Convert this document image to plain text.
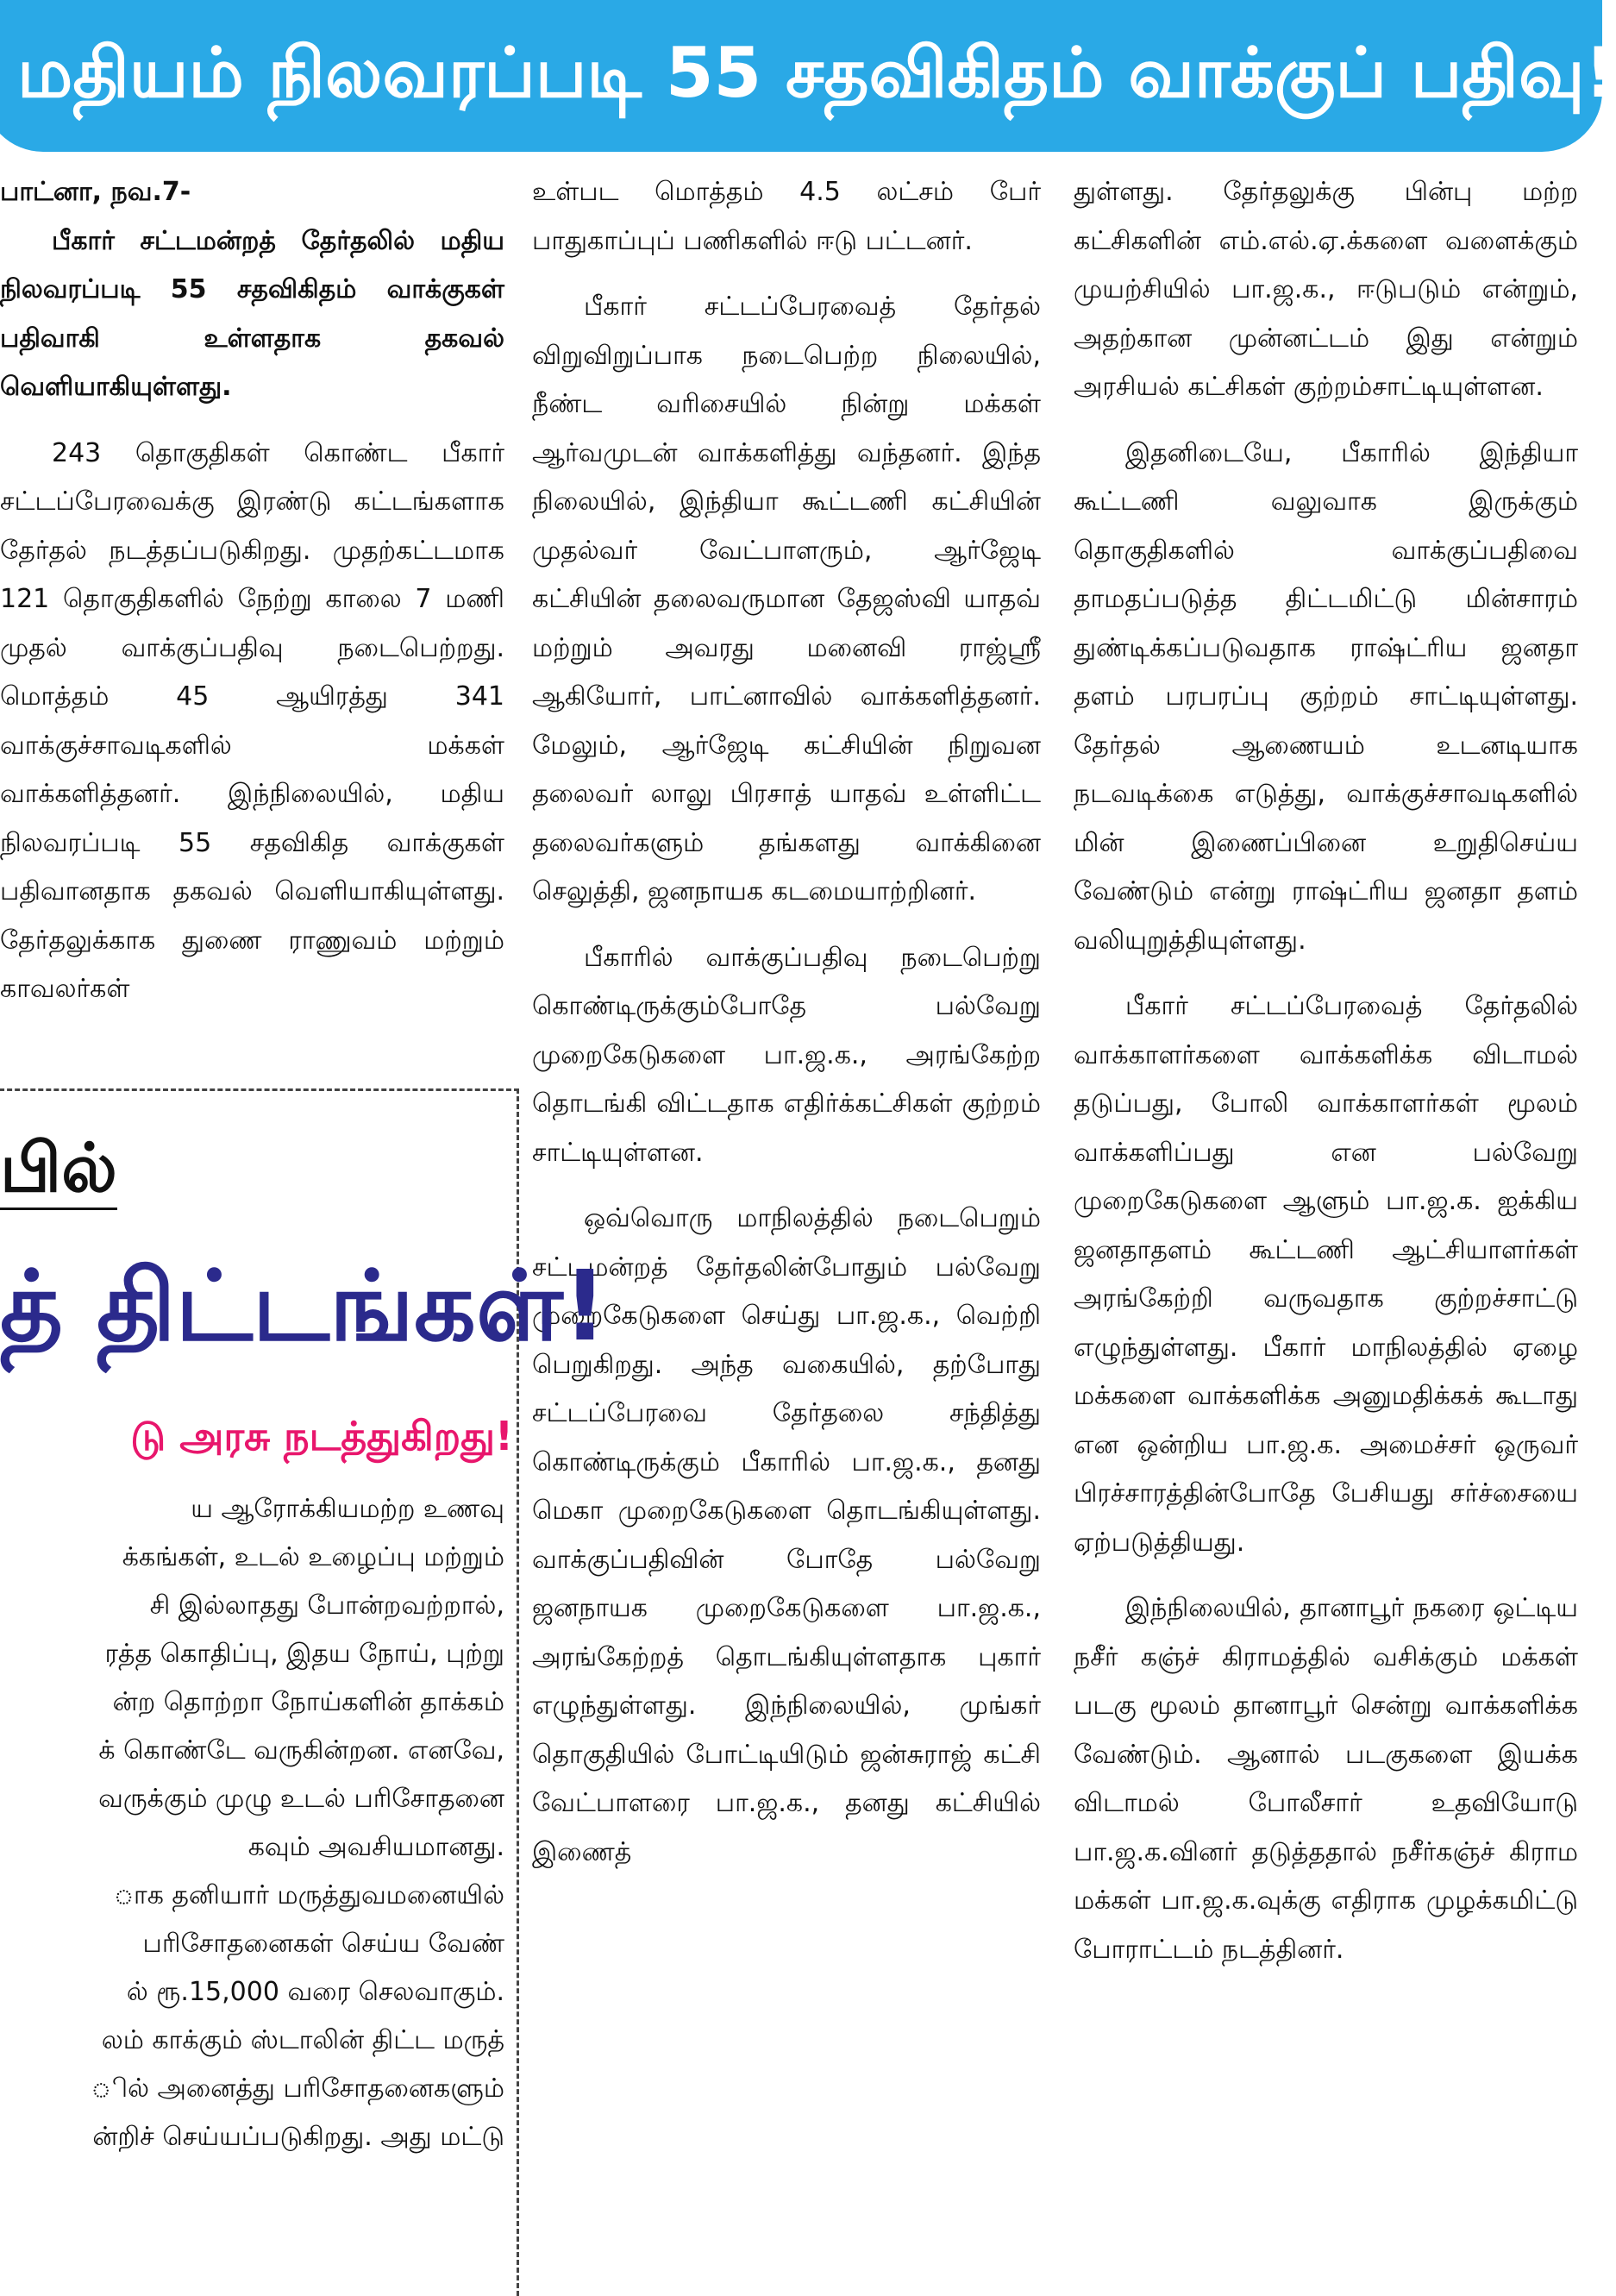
மதியம் நிலவரப்படி 55 சதவிகிதம் வாக்குப் பதிவு!

பாட்னா, நவ.7-

பீகார் சட்டமன்றத் தேர்தலில் மதிய நிலவரப்படி 55 சதவிகிதம் வாக்குகள் பதிவாகி உள்ளதாக தகவல் வெளியாகியுள்ளது.

243 தொகுதிகள் கொண்ட பீகார் சட்டப்பேரவைக்கு இரண்டு கட்டங்களாக தேர்தல் நடத்தப்படுகிறது. முதற்கட்டமாக 121 தொகுதிகளில் நேற்று காலை 7 மணி முதல் வாக்குப்பதிவு நடைபெற்றது. மொத்தம் 45 ஆயிரத்து 341 வாக்குச்சாவடிகளில் மக்கள் வாக்களித்தனர். இந்நிலையில், மதிய நிலவரப்படி 55 சதவிகித வாக்குகள் பதிவானதாக தகவல் வெளியாகியுள்ளது. தேர்தலுக்காக துணை ராணுவம் மற்றும் காவலர்கள்

உள்பட மொத்தம் 4.5 லட்சம் பேர் பாதுகாப்புப் பணிகளில் ஈடு பட்டனர்.

பீகார் சட்டப்பேரவைத் தேர்தல் விறுவிறுப்பாக நடைபெற்ற நிலையில், நீண்ட வரிசையில் நின்று மக்கள் ஆர்வமுடன் வாக்களித்து வந்தனர். இந்த நிலையில், இந்தியா கூட்டணி கட்சியின் முதல்வர் வேட்பாளரும், ஆர்ஜேடி கட்சியின் தலைவருமான தேஜஸ்வி யாதவ் மற்றும் அவரது மனைவி ராஜ்ஸ்ரீ ஆகியோர், பாட்னாவில் வாக்களித்தனர். மேலும், ஆர்ஜேடி கட்சியின் நிறுவன தலைவர் லாலு பிரசாத் யாதவ் உள்ளிட்ட தலைவர்களும் தங்களது வாக்கினை செலுத்தி, ஜனநாயக கடமையாற்றினர்.

பீகாரில் வாக்குப்பதிவு நடைபெற்று கொண்டிருக்கும்போதே பல்வேறு முறைகேடுகளை பா.ஜ.க., அரங்கேற்ற தொடங்கி விட்டதாக எதிர்க்கட்சிகள் குற்றம் சாட்டியுள்ளன.

ஒவ்வொரு மாநிலத்தில் நடைபெறும் சட்டமன்றத் தேர்தலின்போதும் பல்வேறு முறைகேடுகளை செய்து பா.ஜ.க., வெற்றி பெறுகிறது. அந்த வகையில், தற்போது சட்டப்பேரவை தேர்தலை சந்தித்து கொண்டிருக்கும் பீகாரில் பா.ஜ.க., தனது மெகா முறைகேடுகளை தொடங்கியுள்ளது. வாக்குப்பதிவின் போதே பல்வேறு ஜனநாயக முறைகேடுகளை பா.ஜ.க., அரங்கேற்றத் தொடங்கியுள்ளதாக புகார் எழுந்துள்ளது. இந்நிலையில், முங்கர் தொகுதியில் போட்டியிடும் ஜன்சுராஜ் கட்சி வேட்பாளரை பா.ஜ.க., தனது கட்சியில் இணைத்

துள்ளது. தேர்தலுக்கு பின்பு மற்ற கட்சிகளின் எம்.எல்.ஏ.க்களை வளைக்கும் முயற்சியில் பா.ஜ.க., ஈடுபடும் என்றும், அதற்கான முன்னட்டம் இது என்றும் அரசியல் கட்சிகள் குற்றம்சாட்டியுள்ளன.

இதனிடையே, பீகாரில் இந்தியா கூட்டணி வலுவாக இருக்கும் தொகுதிகளில் வாக்குப்பதிவை தாமதப்படுத்த திட்டமிட்டு மின்சாரம் துண்டிக்கப்படுவதாக ராஷ்ட்ரிய ஜனதா தளம் பரபரப்பு குற்றம் சாட்டியுள்ளது. தேர்தல் ஆணையம் உடனடியாக நடவடிக்கை எடுத்து, வாக்குச்சாவடிகளில் மின் இணைப்பினை உறுதிசெய்ய வேண்டும் என்று ராஷ்ட்ரிய ஜனதா தளம் வலியுறுத்தியுள்ளது.

பீகார் சட்டப்பேரவைத் தேர்தலில் வாக்காளர்களை வாக்களிக்க விடாமல் தடுப்பது, போலி வாக்காளர்கள் மூலம் வாக்களிப்பது என பல்வேறு முறைகேடுகளை ஆளும் பா.ஜ.க. ஐக்கிய ஜனதாதளம் கூட்டணி ஆட்சியாளர்கள் அரங்கேற்றி வருவதாக குற்றச்சாட்டு எழுந்துள்ளது. பீகார் மாநிலத்தில் ஏழை மக்களை வாக்களிக்க அனுமதிக்கக் கூடாது என ஒன்றிய பா.ஜ.க. அமைச்சர் ஒருவர் பிரச்சாரத்தின்போதே பேசியது சர்ச்சையை ஏற்படுத்தியது.

இந்நிலையில், தானாபூர் நகரை ஒட்டிய நசீர் கஞ்ச் கிராமத்தில் வசிக்கும் மக்கள் படகு மூலம் தானாபூர் சென்று வாக்களிக்க வேண்டும். ஆனால் படகுகளை இயக்க விடாமல் போலீசார் உதவியோடு பா.ஜ.க.வினர் தடுத்ததால் நசீர்கஞ்ச் கிராம மக்கள் பா.ஜ.க.வுக்கு எதிராக முழக்கமிட்டு போராட்டம் நடத்தினர்.

பில்
த் திட்டங்கள்!
டு அரசு நடத்துகிறது!
ய ஆரோக்கியமற்ற உணவு
க்கங்கள், உடல் உழைப்பு மற்றும்
சி இல்லாதது போன்றவற்றால்,
ரத்த கொதிப்பு, இதய நோய், புற்று
ன்ற தொற்றா நோய்களின் தாக்கம்
க் கொண்டே வருகின்றன. எனவே,
வருக்கும் முழு உடல் பரிசோதனை
கவும் அவசியமானது.
ாக தனியார் மருத்துவமனையில்
பரிசோதனைகள் செய்ய வேண்
ல் ரூ.15,000 வரை செலவாகும்.
லம் காக்கும் ஸ்டாலின் திட்ட மருத்
ில் அனைத்து பரிசோதனைகளும்
ன்றிச் செய்யப்படுகிறது. அது மட்டு
